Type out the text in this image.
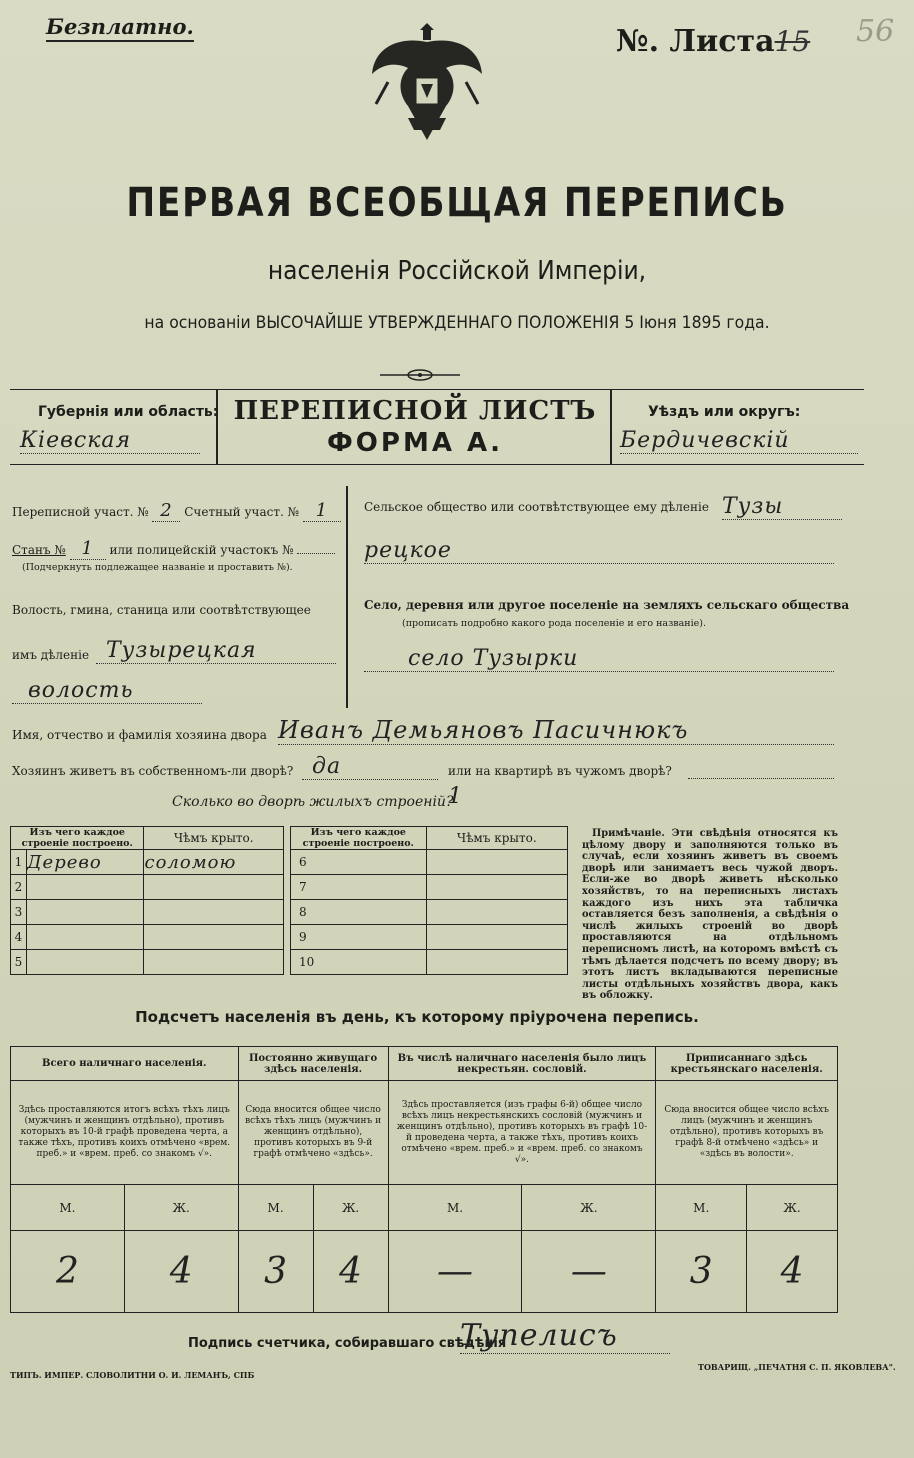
Безплатно.	№. Листа15 56
ПЕРВАЯ ВСЕОБЩАЯ ПЕРЕПИСЬ
населенія Россійской Имперіи,
на основаніи ВЫСОЧАЙШЕ УТВЕРЖДЕННАГО ПОЛОЖЕНІЯ 5 Іюня 1895 года.
Губернія или область:
Кіевская
ПЕРЕПИСНОЙ ЛИСТЪ
ФОРМА А.
Уѣздъ или округъ:
Бердичевскій
Переписной участ. № 2 Счетный участ. № 1
Станъ № 1 или полицейскій участокъ №
(Подчеркнуть подлежащее названіе и проставить №).
Волость, гмина, станица или соотвѣтствующее
имъ дѣленіе Тузырецкая
волость
Сельское общество или соотвѣтствующее ему дѣленіе Тузы
рецкое
Село, деревня или другое поселеніе на земляхъ сельскаго общества
(прописать подробно какого рода поселеніе и его названіе).
село Тузырки
Имя, отчество и фамилія хозяина двора Иванъ Демьяновъ Пасичнюкъ
Хозяинъ живетъ въ собственномъ-ли дворѣ? да	или на квартирѣ въ чужомъ дворѣ?
Сколько во дворѣ жилыхъ строеній?
1
Изъ чего каждое строеніе построено.		Чѣмъ крыто.
1	Дерево	соломою
2		
3		
4		
5		
Изъ чего каждое строеніе построено.	Чѣмъ крыто.
6	
7	
8	
9	
10	
Примѣчаніе. Эти свѣдѣнія относятся къ цѣлому двору и заполняются только въ случаѣ, если хозяинъ живетъ въ своемъ дворѣ или занимаетъ весь чужой дворъ. Если-же во дворѣ живетъ нѣсколько хозяйствъ, то на переписныхъ листахъ каждого изъ нихъ эта табличка оставляется безъ заполненія, а свѣдѣнія о числѣ жилыхъ строеній во дворѣ проставляются на отдѣльномъ переписномъ листѣ, на которомъ вмѣстѣ съ тѣмъ дѣлается подсчетъ по всему двору; въ этотъ листъ вкладываются переписные листы отдѣльныхъ хозяйствъ двора, какъ въ обложку.
Подсчетъ населенія въ день, къ которому пріурочена перепись.
Всего наличнаго населенія.		Постоянно живущаго здѣсь населенія.		Въ числѣ наличнаго населенія было лицъ некрестьян. сословій.		Приписаннаго здѣсь крестьянскаго населенія.	
Здѣсь проставляются итогъ всѣхъ тѣхъ лицъ (мужчинъ и женщинъ отдѣльно), противъ которыхъ въ 10-й графѣ проведена черта, а также тѣхъ, противъ коихъ отмѣчено «врем. преб.» и «врем. преб. со знакомъ √».		Сюда вносится общее число всѣхъ тѣхъ лицъ (мужчинъ и женщинъ отдѣльно), противъ которыхъ въ 9-й графѣ отмѣчено «здѣсь».		Здѣсь проставляется (изъ графы 6-й) общее число всѣхъ лицъ некрестьянскихъ сословій (мужчинъ и женщинъ отдѣльно), противъ которыхъ въ графѣ 10-й проведена черта, а также тѣхъ, противъ коихъ отмѣчено «врем. преб.» и «врем. преб. со знакомъ √».		Сюда вносится общее число всѣхъ лицъ (мужчинъ и женщинъ отдѣльно), противъ которыхъ въ графѣ 8-й отмѣчено «здѣсь» и «здѣсь въ волости».	
М.	Ж.	М.	Ж.	М.	Ж.	М.	Ж.
2	4	3	4	—	—	3	4
Подпись счетчика, собиравшаго свѣдѣнія
Тупелисъ
ТИПЪ. ИМПЕР. СЛОВОЛИТНИ О. И. ЛЕМАНЪ, СПБ
ТОВАРИЩ. „ПЕЧАТНЯ С. П. ЯКОВЛЕВА".
